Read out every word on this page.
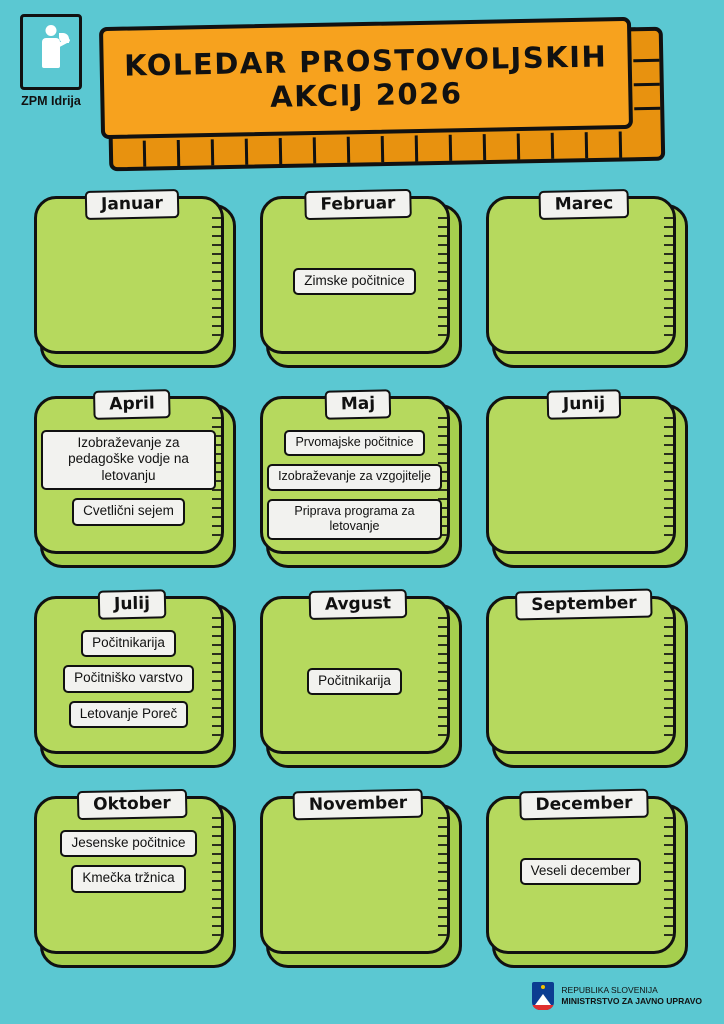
ZPM Idrija
KOLEDAR PROSTOVOLJSKIH
AKCIJ 2026
Januar	Februar
Zimske počitnice
Marec
April
Izobraževanje za pedagoške vodje na letovanju
Cvetlični sejem
Maj
Prvomajske počitnice
Izobraževanje za vzgojitelje
Priprava programa za letovanje
Junij
Julij
Počitnikarija
Počitniško varstvo
Letovanje Poreč
Avgust
Počitnikarija
September
Oktober
Jesenske počitnice
Kmečka tržnica
November	December
Veseli december
REPUBLIKA SLOVENIJA
MINISTRSTVO ZA JAVNO UPRAVO
